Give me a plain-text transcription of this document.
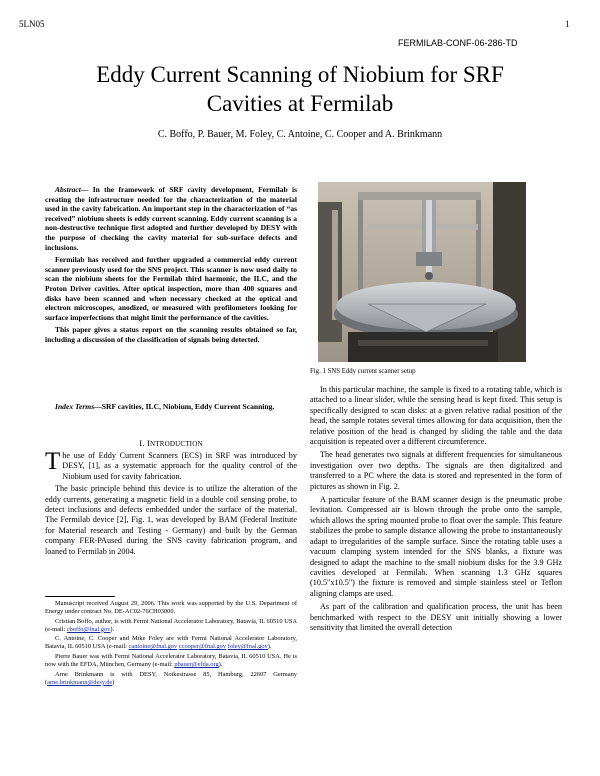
5LN05	1
FERMILAB-CONF-06-286-TD
Eddy Current Scanning of Niobium for SRF
Cavities at Fermilab
C. Boffo, P. Bauer, M. Foley, C. Antoine, C. Cooper and A. Brinkmann

Abstract— In the framework of SRF cavity development, Fermilab is creating the infrastructure needed for the characterization of the material used in the cavity fabrication. An important step in the characterization of “as received” niobium sheets is eddy current scanning. Eddy current scanning is a non-destructive technique first adopted and further developed by DESY with the purpose of checking the cavity material for sub-surface defects and inclusions.

Fermilab has received and further upgraded a commercial eddy current scanner previously used for the SNS project. This scanner is now used daily to scan the niobium sheets for the Fermilab third harmonic, the ILC, and the Proton Driver cavities. After optical inspection, more than 400 squares and disks have been scanned and when necessary checked at the optical and electron microscopes, anodized, or measured with profilometers looking for surface imperfections that might limit the performance of the cavities.

This paper gives a status report on the scanning results obtained so far, including a discussion of the classification of signals being detected.

Index Terms—SRF cavities, ILC, Niobium, Eddy Current Scanning.
I. INTRODUCTION

The use of Eddy Current Scanners (ECS) in SRF was introduced by DESY, [1], as a systematic approach for the quality control of the Niobium used for cavity fabrication.

The basic principle behind this device is to utilize the alteration of the eddy currents, generating a magnetic field in a double coil sensing probe, to detect inclusions and defects embedded under the surface of the material. The Fermilab device [2], Fig. 1, was developed by BAM (Federal Institute for Material research and Testing - Germany) and built by the German company FER-PAused during the SNS cavity fabrication program, and loaned to Fermilab in 2004.

Manuscript received August 29, 2006. This work was supported by the U.S. Department of Energy under contract No. DE-AC02-76CH03000.

Cristian Boffo, author, is with Fermi National Accelerator Laboratory, Batavia, IL 60510 USA (e-mail: cboffo@fnal.gov).

C. Antoine, C. Cooper and Mike Foley are with Fermi National Accelerator Laboratory, Batavia, IL 60510 USA (e-mail: cantoine@fnal.gov ccooper@fnal.gov foley@fnal.gov).

Pierre Bauer was with Fermi National Accelerator Laboratory, Batavia, IL 60510 USA. He is now with the EFDA, München, Germany (e-mail: pbauer@efda.org).

Arne Brinkmann is with DESY, Notkestrasse 85, Hamburg, 22607 Germany (arne.brinkmann@desy.de)

Fig. 1 SNS Eddy current scanner setup

In this particular machine, the sample is fixed to a rotating table, which is attached to a linear slider, while the sensing head is kept fixed. This setup is specifically designed to scan disks: at a given relative radial position of the head, the sample rotates several times allowing for data acquisition, then the relative position of the head is changed by sliding the table and the data acquisition is repeated over a different circumference.

The head generates two signals at different frequencies for simultaneous investigation over two depths. The signals are then digitalized and transferred to a PC where the data is stored and represented in the form of pictures as shown in Fig. 2.

A particular feature of the BAM scanner design is the pneumatic probe levitation. Compressed air is blown through the probe onto the sample, which allows the spring mounted probe to float over the sample. This feature stabilizes the probe to sample distance allowing the probe to instantaneously adapt to irregularities of the sample surface. Since the rotating table uses a vacuum clamping system intended for the SNS blanks, a fixture was designed to adapt the machine to the small niobium disks for the 3.9 GHz cavities developed at Fermilab. When scanning 1.3 GHz squares (10.5"x10.5") the fixture is removed and simple stainless steel or Teflon aligning clamps are used.

As part of the calibration and qualification process, the unit has been benchmarked with respect to the DESY unit initially showing a lower sensitivity that limited the overall detection
